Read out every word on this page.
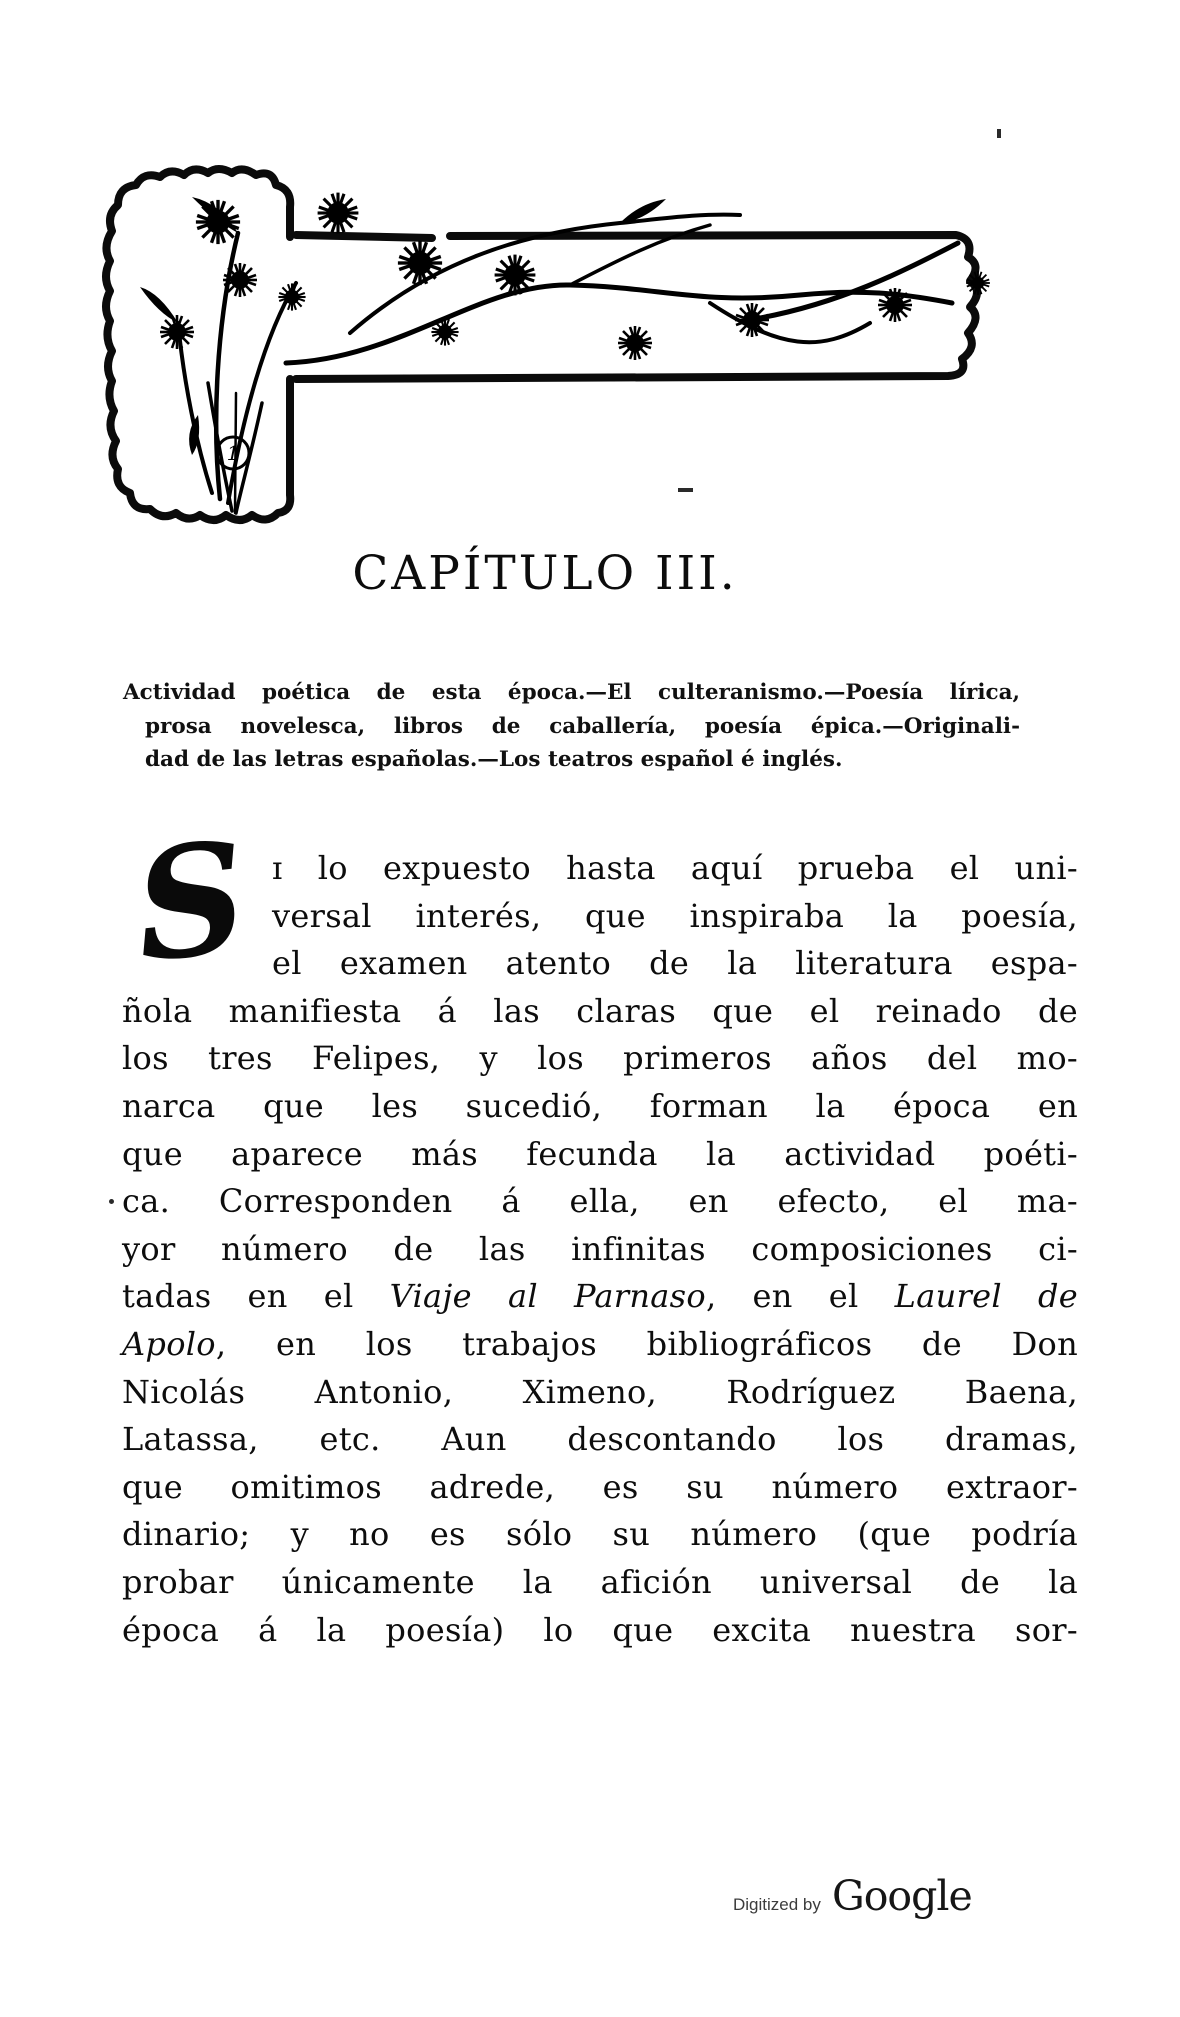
1
CAPÍTULO III.
Actividad poética de esta época.—El culteranismo.—Poesía lírica,
prosa novelesca, libros de caballería, poesía épica.—Originali-
dad de las letras españolas.—Los teatros español é inglés.
S ɪ lo expuesto hasta aquí prueba el uni-
versal interés, que inspiraba la poesía,
el examen atento de la literatura espa-
ñola manifiesta á las claras que el reinado de
los tres Felipes, y los primeros años del mo-
narca que les sucedió, forman la época en
que aparece más fecunda la actividad poéti-
ca. Corresponden á ella, en efecto, el ma-
yor número de las infinitas composiciones ci-
tadas en el Viaje al Parnaso, en el Laurel de
Apolo, en los trabajos bibliográficos de Don
Nicolás Antonio, Ximeno, Rodríguez Baena,
Latassa, etc. Aun descontando los dramas,
que omitimos adrede, es su número extraor-
dinario; y no es sólo su número (que podría
probar únicamente la afición universal de la
época á la poesía) lo que excita nuestra sor-
Digitized by Google
